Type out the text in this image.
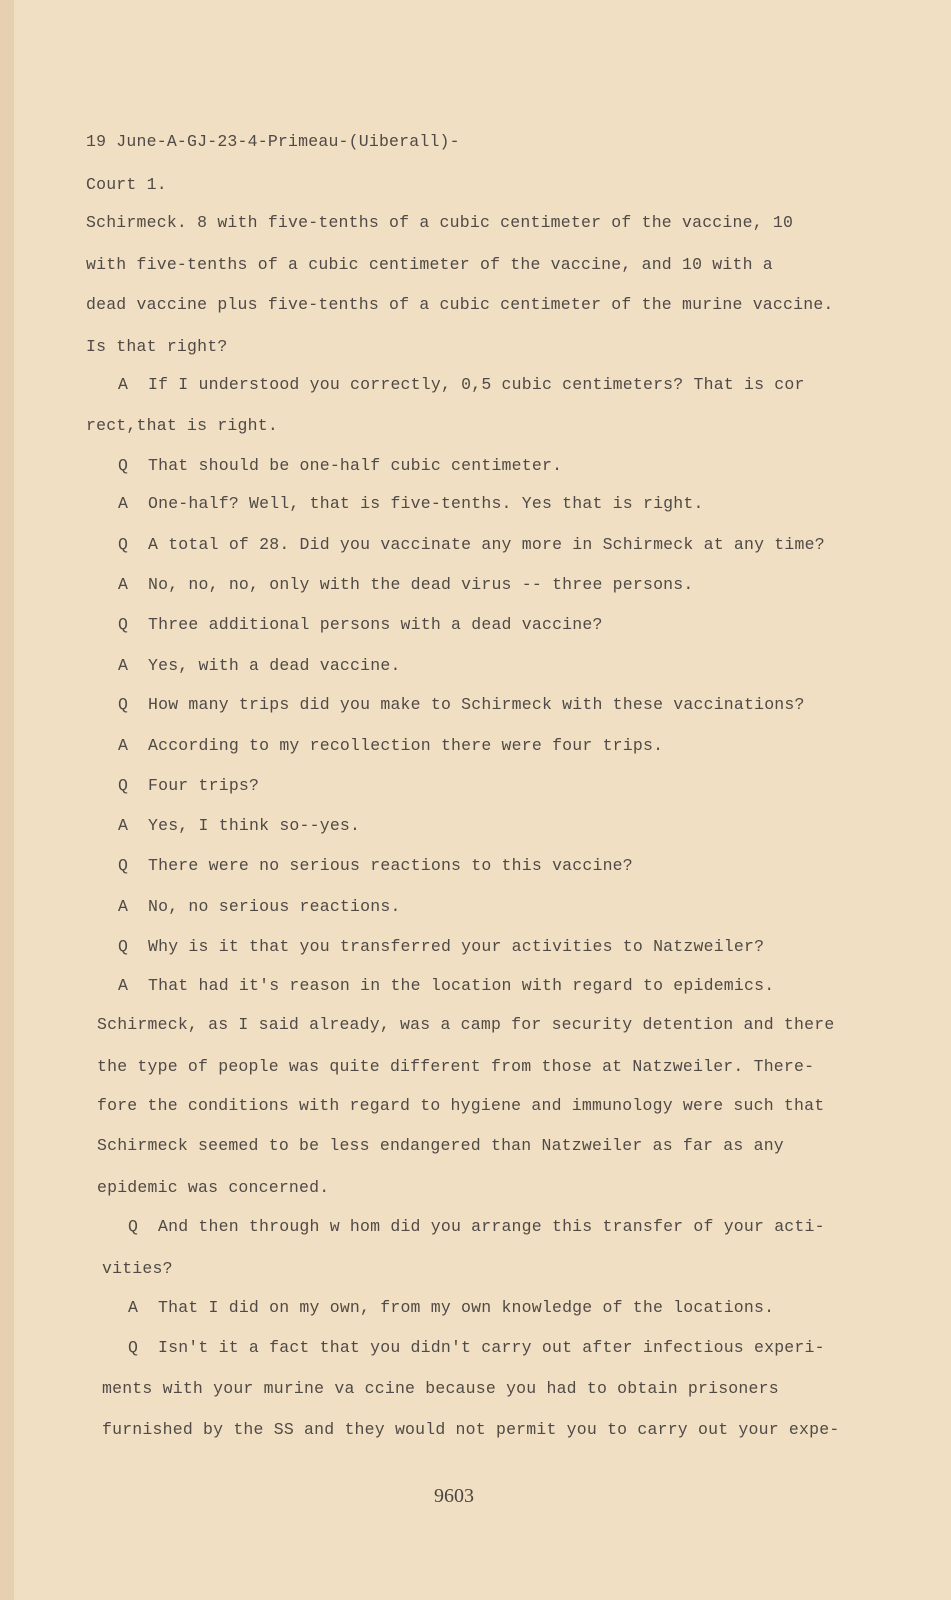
19 June-A-GJ-23-4-Primeau-(Uiberall)-
Court 1.
Schirmeck. 8 with five-tenths of a cubic centimeter of the vaccine, 10
with five-tenths of a cubic centimeter of the vaccine, and 10 with a
dead vaccine plus five-tenths of a cubic centimeter of the murine vaccine.
Is that right?
A If I understood you correctly, 0,5 cubic centimeters? That is cor
rect,that is right.
Q That should be one-half cubic centimeter.
A One-half? Well, that is five-tenths. Yes that is right.
Q A total of 28. Did you vaccinate any more in Schirmeck at any time?
A No, no, no, only with the dead virus -- three persons.
Q Three additional persons with a dead vaccine?
A Yes, with a dead vaccine.
Q How many trips did you make to Schirmeck with these vaccinations?
A According to my recollection there were four trips.
Q Four trips?
A Yes, I think so--yes.
Q There were no serious reactions to this vaccine?
A No, no serious reactions.
Q Why is it that you transferred your activities to Natzweiler?
A That had it's reason in the location with regard to epidemics.
Schirmeck, as I said already, was a camp for security detention and there
the type of people was quite different from those at Natzweiler. There-
fore the conditions with regard to hygiene and immunology were such that
Schirmeck seemed to be less endangered than Natzweiler as far as any
epidemic was concerned.
Q And then through w hom did you arrange this transfer of your acti-
vities?
A That I did on my own, from my own knowledge of the locations.
Q Isn't it a fact that you didn't carry out after infectious experi-
ments with your murine va ccine because you had to obtain prisoners
furnished by the SS and they would not permit you to carry out your expe-
9603
